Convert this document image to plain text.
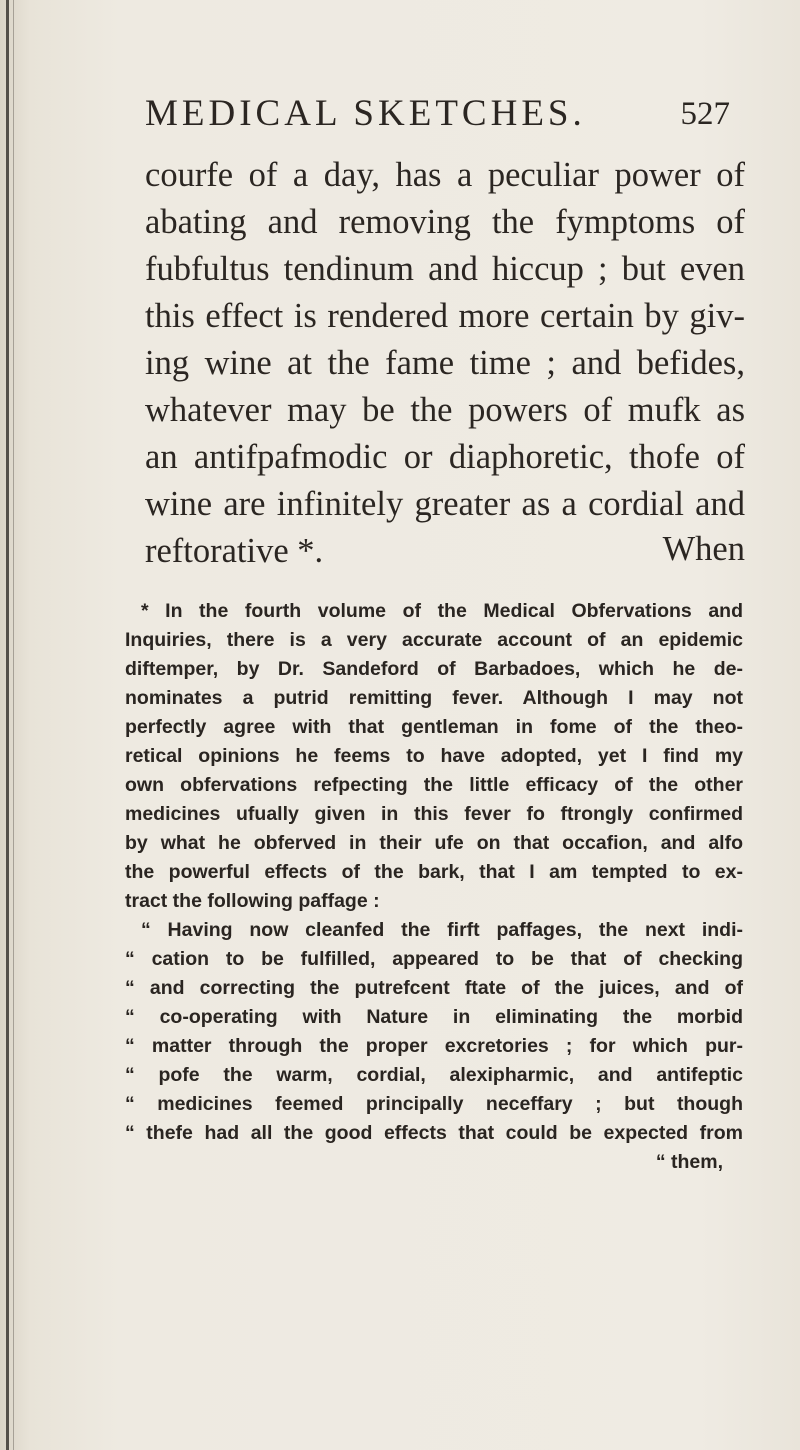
MEDICAL SKETCHES.	527
courfe of a day, has a peculiar power of
abating and removing the fymptoms of
fubfultus tendinum and hiccup ; but even
this effect is rendered more certain by giv-
ing wine at the fame time ; and befides,
whatever may be the powers of mufk as
an antifpafmodic or diaphoretic, thofe of
wine are infinitely greater as a cordial and
reftorative *.	When
* In the fourth volume of the Medical Obfervations and
Inquiries, there is a very accurate account of an epidemic
diftemper, by Dr. Sandeford of Barbadoes, which he de-
nominates a putrid remitting fever. Although I may not
perfectly agree with that gentleman in fome of the theo-
retical opinions he feems to have adopted, yet I find my
own obfervations refpecting the little efficacy of the other
medicines ufually given in this fever fo ftrongly confirmed
by what he obferved in their ufe on that occafion, and alfo
the powerful effects of the bark, that I am tempted to ex-
tract the following paffage :
“ Having now cleanfed the firft paffages, the next indi-
“ cation to be fulfilled, appeared to be that of checking
“ and correcting the putrefcent ftate of the juices, and of
“ co-operating with Nature in eliminating the morbid
“ matter through the proper excretories ; for which pur-
“ pofe the warm, cordial, alexipharmic, and antifeptic
“ medicines feemed principally neceffary ; but though
“ thefe had all the good effects that could be expected from
“ them,
